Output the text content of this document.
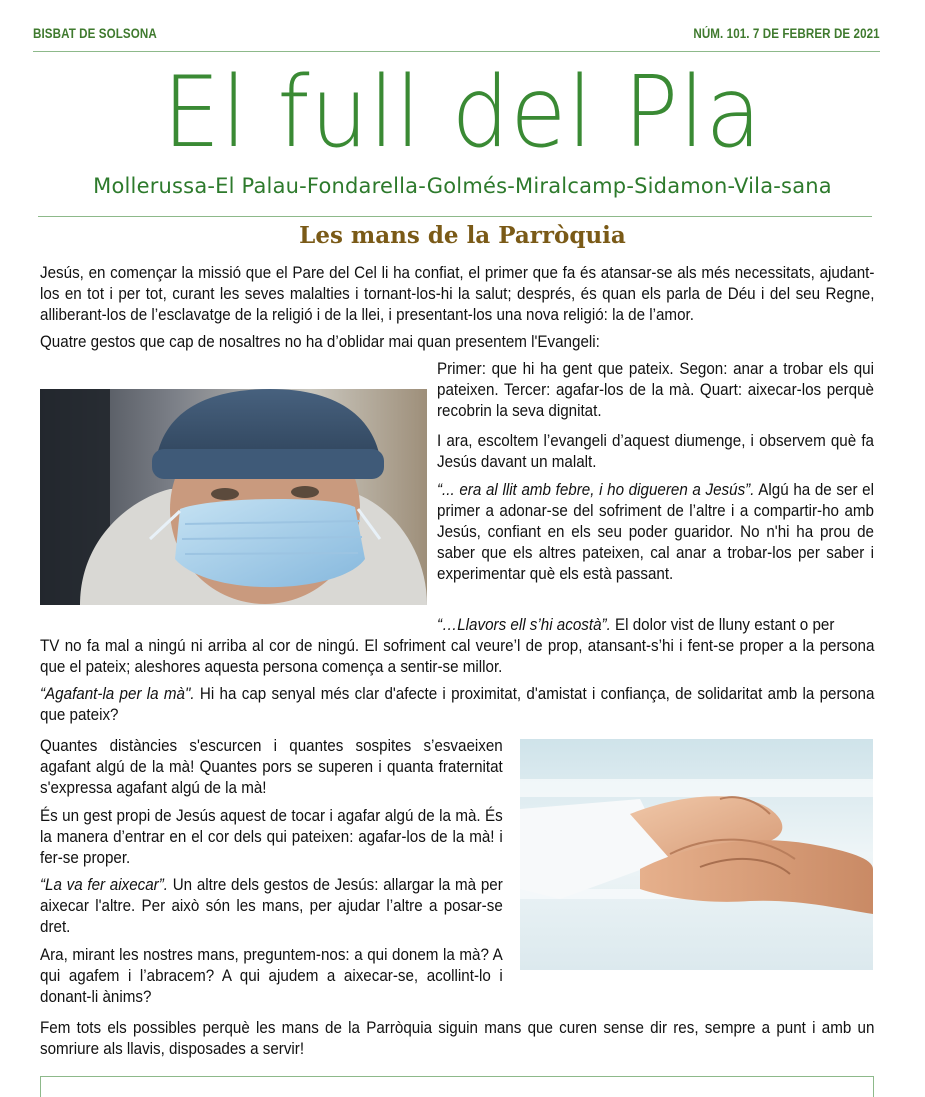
BISBAT DE SOLSONA	NÚM. 101. 7 DE FEBRER DE 2021
El full del Pla
Mollerussa-El Palau-Fondarella-Golmés-Miralcamp-Sidamon-Vila-sana
Les mans de la Parròquia
Jesús, en començar la missió que el Pare del Cel li ha confiat, el primer que fa és atansar-se als més necessitats, ajudant-los en tot i per tot, curant les seves malalties i tornant-los-hi la salut; després, és quan els parla de Déu i del seu Regne, alliberant-los de l’esclavatge de la religió i de la llei, i presentant-los una nova religió: la de l’amor.
Quatre gestos que cap de nosaltres no ha d’oblidar mai quan presentem l'Evangeli:
Primer: que hi ha gent que pateix. Segon: anar a trobar els qui pateixen. Tercer: agafar-los de la mà. Quart: aixecar-los perquè recobrin la seva dignitat.
I ara, escoltem l’evangeli d’aquest diumenge, i observem què fa Jesús davant un malalt.
“... era al llit amb febre, i ho digueren a Jesús”. Algú ha de ser el primer a adonar-se del sofriment de l’altre i a compartir-ho amb Jesús, confiant en els seu poder guaridor. No n'hi ha prou de saber que els altres pateixen, cal anar a trobar-los per saber i experimentar què els està passant.
“…Llavors ell s’hi acostà”. El dolor vist de lluny estant o per
TV no fa mal a ningú ni arriba al cor de ningú. El sofriment cal veure’l de prop, atansant-s’hi i fent-se proper a la persona que el pateix; aleshores aquesta persona comença a sentir-se millor.
“Agafant-la per la mà". Hi ha cap senyal més clar d'afecte i proximitat, d'amistat i confiança, de solidaritat amb la persona que pateix?
Quantes distàncies s'escurcen i quantes sospites s’esvaeixen agafant algú de la mà! Quantes pors se superen i quanta fraternitat s'expressa agafant algú de la mà!
És un gest propi de Jesús aquest de tocar i agafar algú de la mà. És la manera d’entrar en el cor dels qui pateixen: agafar-los de la mà! i fer-se proper.
“La va fer aixecar”. Un altre dels gestos de Jesús: allargar la mà per aixecar l'altre. Per això són les mans, per ajudar l’altre a posar-se dret.
Ara, mirant les nostres mans, preguntem-nos: a qui donem la mà? A qui agafem i l’abracem? A qui ajudem a aixecar-se, acollint-lo i donant-li ànims?
Fem tots els possibles perquè les mans de la Parròquia siguin mans que curen sense dir res, sempre a punt i amb un somriure als llavis, disposades a servir!
